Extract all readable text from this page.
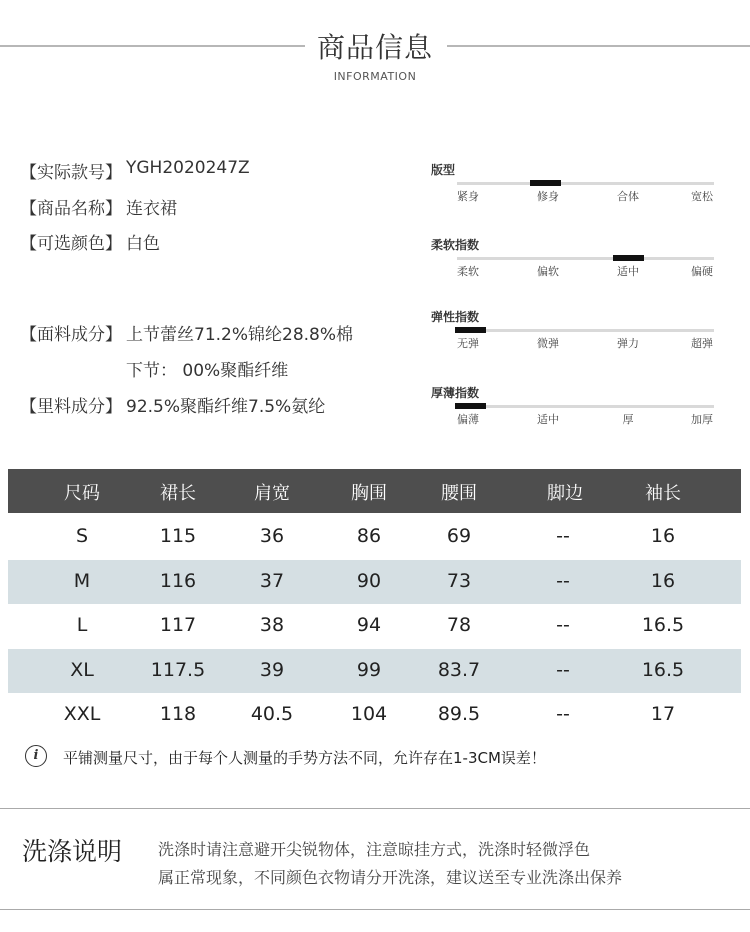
商品信息
INFORMATION
【实际款号】 YGH2020247Z
【商品名称】 连衣裙
【可选颜色】 白色
【面料成分】 上节蕾丝71.2%锦纶28.8%棉
下节： 00%聚酯纤维
【里料成分】 92.5%聚酯纤维7.5%氨纶
版型
紧身	修身	合体	宽松
柔软指数
柔软	偏软	适中	偏硬
弹性指数
无弹	微弹	弹力	超弹
厚薄指数
偏薄	适中	厚	加厚
尺码	裙长	肩宽	胸围	腰围	脚边	袖长
S	115	36	86	69	--	16
M	116	37	90	73	--	16
L	117	38	94	78	--	16.5
XL	117.5	39	99	83.7	--	16.5
XXL	118	40.5	104	89.5	--	17
i	平铺测量尺寸，由于每个人测量的手势方法不同，允许存在1-3CM误差！
洗涤说明 洗涤时请注意避开尖锐物体，注意晾挂方式，洗涤时轻微浮色
属正常现象，不同颜色衣物请分开洗涤，建议送至专业洗涤出保养
